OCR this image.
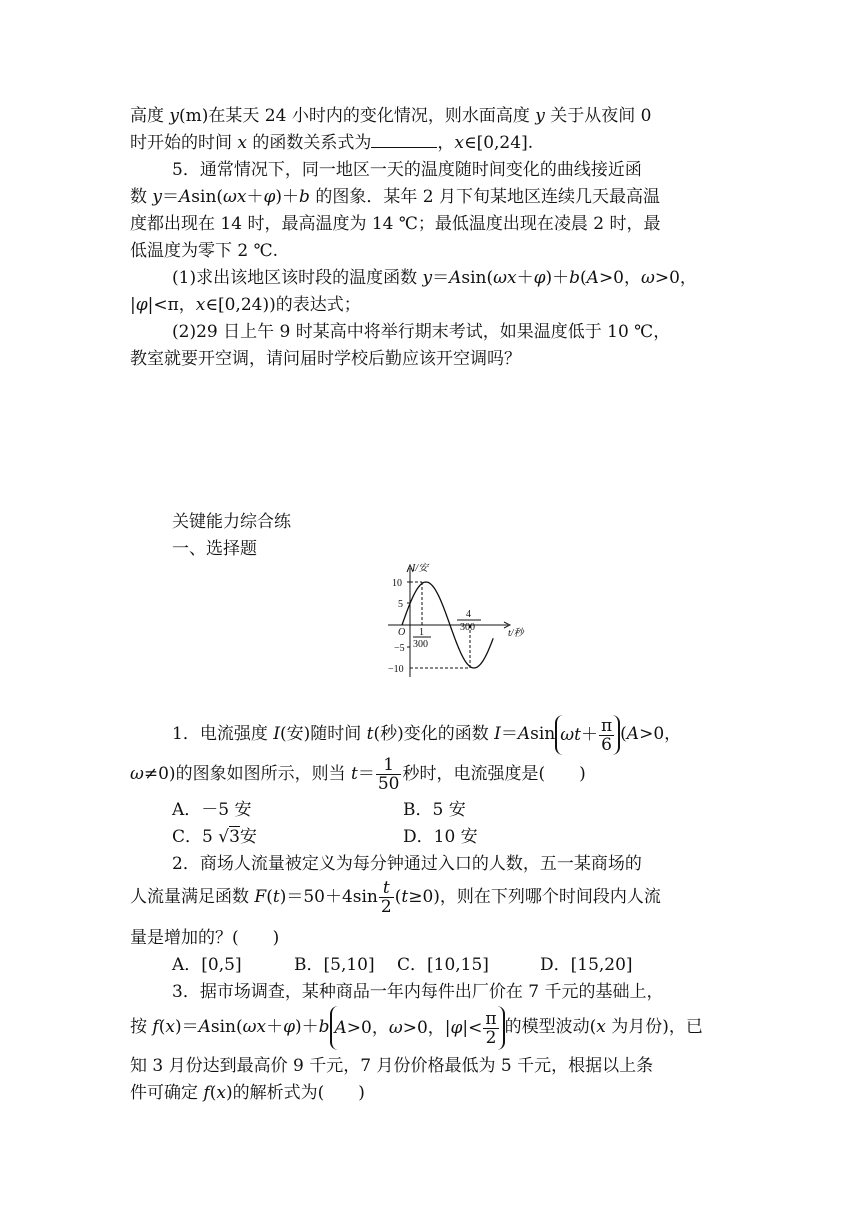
高度 y(m)在某天 24 小时内的变化情况，则水面高度 y 关于从夜间 0
时开始的时间 x 的函数关系式为	，x∈[0,24].
5．通常情况下，同一地区一天的温度随时间变化的曲线接近函
数 y＝Asin(ωx＋φ)＋b 的图象．某年 2 月下旬某地区连续几天最高温
度都出现在 14 时，最高温度为 14 ℃；最低温度出现在凌晨 2 时，最
低温度为零下 2 ℃.
(1)求出该地区该时段的温度函数 y＝Asin(ωx＋φ)＋b(A>0，ω>0，
|φ|<π，x∈[0,24))的表达式；
(2)29 日上午 9 时某高中将举行期末考试，如果温度低于 10 ℃，
教室就要开空调，请问届时学校后勤应该开空调吗？
关键能力综合练
一、选择题
I/安
t/秒
O
10
5
−5
−10
1
300
4
300
1．电流强度 I(安)随时间 t(秒)变化的函数 I＝Asin $\omega t+ \frac{\pi}{6} (A>0$，
ω≠0)的图象如图所示，则当 $t= \frac{1}{50}$ 秒时，电流强度是(　　)
A．－5 安	B．5 安
C．5 √3安	D．10 安
2．商场人流量被定义为每分钟通过入口的人数，五一某商场的
人流量满足函数 $F(t)=50+4\sin \frac{t}{2} (t\ge 0)$，则在下列哪个时间段内人流
量是增加的？(　　)
A．[0,5]	B．[5,10] C．[10,15]	D．[15,20]
3．据市场调查，某种商品一年内每件出厂价在 7 千元的基础上，
按 f(x)＝Asin(ωx＋φ)＋b A>0，ω>0，$|\varphi|< \frac{\pi}{2}$ 的模型波动(x 为月份)，已
知 3 月份达到最高价 9 千元，7 月份价格最低为 5 千元，根据以上条
件可确定 f(x)的解析式为(　　)
